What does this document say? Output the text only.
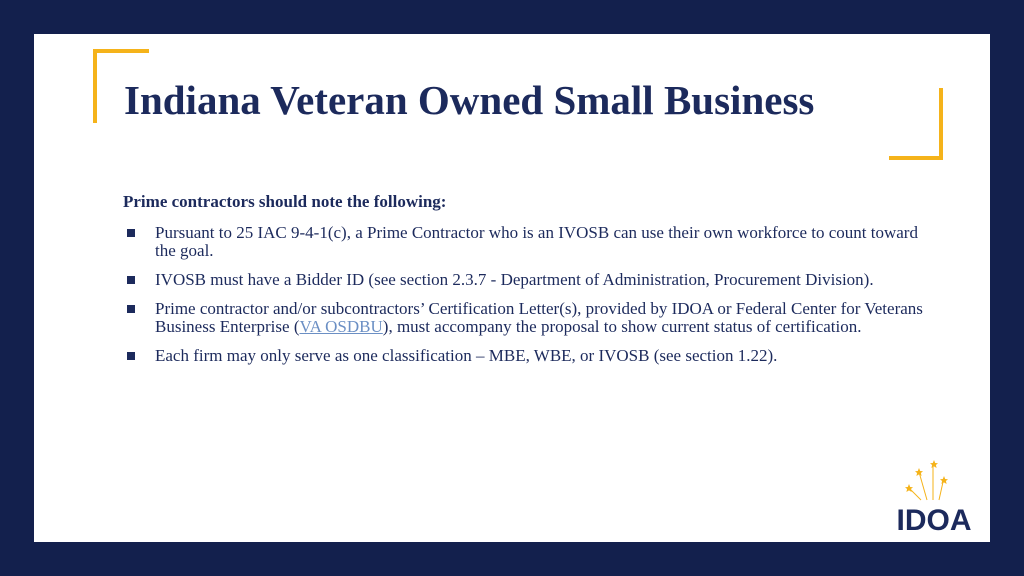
Indiana Veteran Owned Small Business

Prime contractors should note the following:

Pursuant to 25 IAC 9-4-1(c), a Prime Contractor who is an IVOSB can use their own workforce to count toward the goal.
IVOSB must have a Bidder ID (see section 2.3.7 - Department of Administration, Procurement Division).
Prime contractor and/or subcontractors’ Certification Letter(s), provided by IDOA or Federal Center for Veterans Business Enterprise (VA OSDBU), must accompany the proposal to show current status of certification.
Each firm may only serve as one classification – MBE, WBE, or IVOSB (see section 1.22).
IDOA
